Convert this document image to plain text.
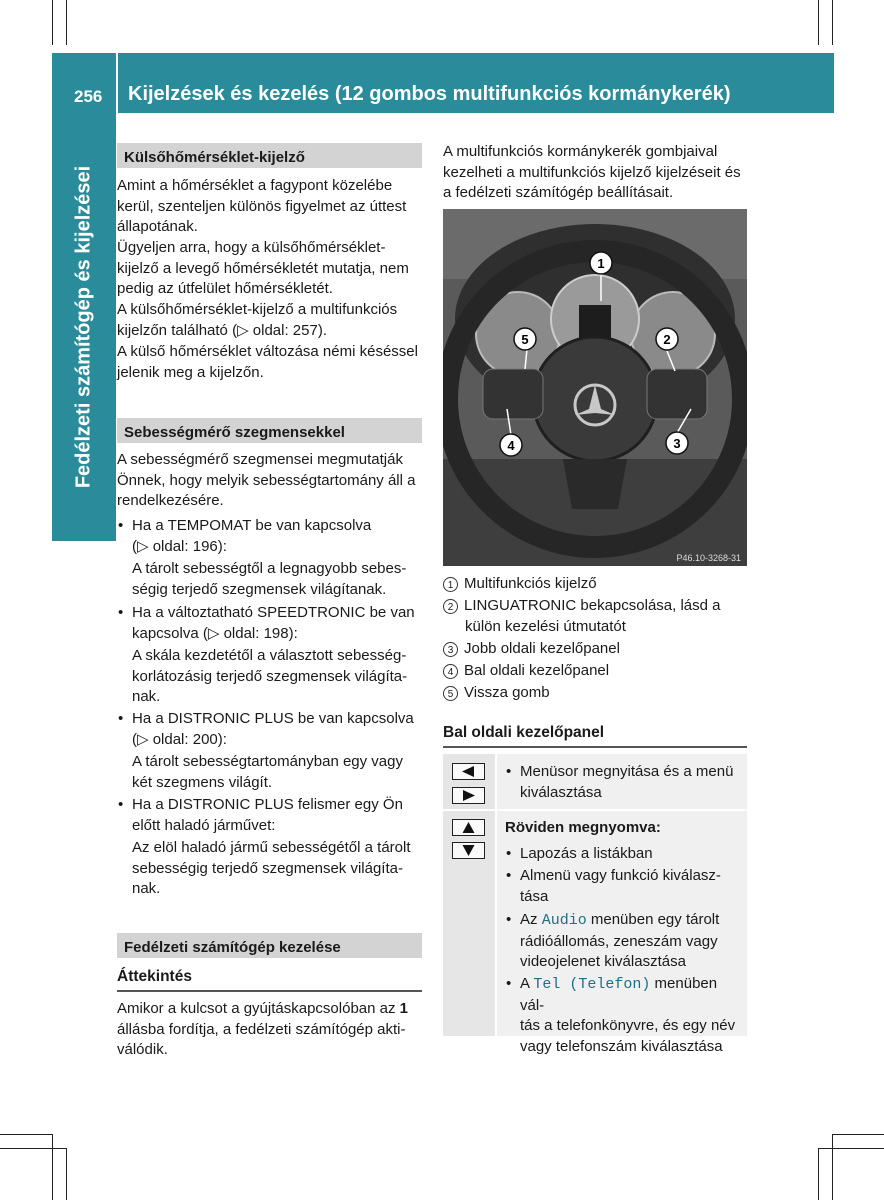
256 Kijelzések és kezelés (12 gombos multifunkciós kormánykerék)
Fedélzeti számítógép és kijelzései
Külsőhőmérséklet-kijelző
Amint a hőmérséklet a fagypont közelébe
kerül, szenteljen különös figyelmet az úttest
állapotának.
Ügyeljen arra, hogy a külsőhőmérséklet-
kijelző a levegő hőmérsékletét mutatja, nem
pedig az útfelület hőmérsékletét.
A külsőhőmérséklet-kijelző a multifunkciós
kijelzőn található (▷ oldal: 257).
A külső hőmérséklet változása némi késéssel
jelenik meg a kijelzőn.
Sebességmérő szegmensekkel
A sebességmérő szegmensei megmutatják
Önnek, hogy melyik sebességtartomány áll a
rendelkezésére.
• Ha a TEMPOMAT be van kapcsolva
(▷ oldal: 196):
A tárolt sebességtől a legnagyobb sebes-
ségig terjedő szegmensek világítanak.
• Ha a változtatható SPEEDTRONIC be van
kapcsolva (▷ oldal: 198):
A skála kezdetétől a választott sebesség-
korlátozásig terjedő szegmensek világíta-
nak.
• Ha a DISTRONIC PLUS be van kapcsolva
(▷ oldal: 200):
A tárolt sebességtartományban egy vagy
két szegmens világít.
• Ha a DISTRONIC PLUS felismer egy Ön
előtt haladó járművet:
Az elöl haladó jármű sebességétől a tárolt
sebességig terjedő szegmensek világíta-
nak.
Fedélzeti számítógép kezelése
Áttekintés
Amikor a kulcsot a gyújtáskapcsolóban az 1
állásba fordítja, a fedélzeti számítógép akti-
válódik.
A multifunkciós kormánykerék gombjaival
kezelheti a multifunkciós kijelző kijelzéseit és
a fedélzeti számítógép beállításait.
1
2
3
4
5
P46.10-3268-31
1 Multifunkciós kijelző
2 LINGUATRONIC bekapcsolása, lásd a
külön kezelési útmutatót
3 Jobb oldali kezelőpanel
4 Bal oldali kezelőpanel
5 Vissza gomb
Bal oldali kezelőpanel
• Menüsor megnyitása és a menü
kiválasztása
Röviden megnyomva:
• Lapozás a listákban
• Almenü vagy funkció kiválasz-
tása
• Az Audio menüben egy tárolt
rádióállomás, zeneszám vagy
videojelenet kiválasztása
• A Tel (Telefon) menüben vál-
tás a telefonkönyvre, és egy név
vagy telefonszám kiválasztása
